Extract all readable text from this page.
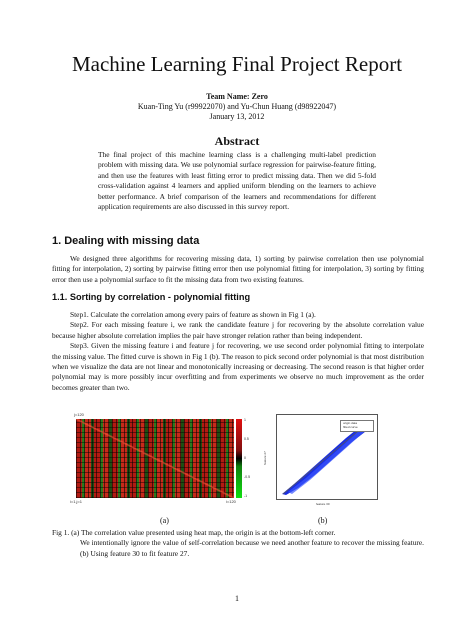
Machine Learning Final Project Report
Team Name: Zero
Kuan-Ting Yu (r99922070) and Yu-Chun Huang (d98922047)
January 13, 2012
Abstract
The final project of this machine learning class is a challenging multi-label prediction problem with missing data. We use polynomial surface regression for pairwise-feature fitting, and then use the features with least fitting error to predict missing data. Then we did 5-fold cross-validation against 4 learners and applied uniform blending on the learners to achieve better performance. A brief comparison of the learners and recommendations for different application requirements are also discussed in this survey report.
1. Dealing with missing data

We designed three algorithms for recovering missing data, 1) sorting by pairwise correlation then use polynomial fitting for interpolation, 2) sorting by pairwise fitting error then use polynomial fitting for interpolation, 3) sorting by fitting error then use a polynomial surface to fit the missing data from two existing features.

1.1. Sorting by correlation - polynomial fitting

Step1. Calculate the correlation among every pairs of feature as shown in Fig 1 (a).

Step2. For each missing feature i, we rank the candidate feature j for recovering by the absolute correlation value because higher absolute correlation implies the pair have stronger relation rather than being independent.

Step3. Given the missing feature i and feature j for recovering, we use second order polynomial fitting to interpolate the missing value. The fitted curve is shown in Fig 1 (b). The reason to pick second order polynomial is that most distribution when we visualize the data are not linear and monotonically increasing or decreasing. The second reason is that higher order polynomial may is more possibly incur overfitting and from experiments we observe no much improvement as the order becomes greater than two.

j=120
i=1,j=1	i=120
1
0.5
0
-0.5
-1
origin data
fitted curve
feature 30
feature 27
(a)	(b)
Fig 1. (a) The correlation value presented using heat map, the origin is at the bottom-left corner.
We intentionally ignore the value of self-correlation because we need another feature to recover the missing feature. (b) Using feature 30 to fit feature 27.
1
